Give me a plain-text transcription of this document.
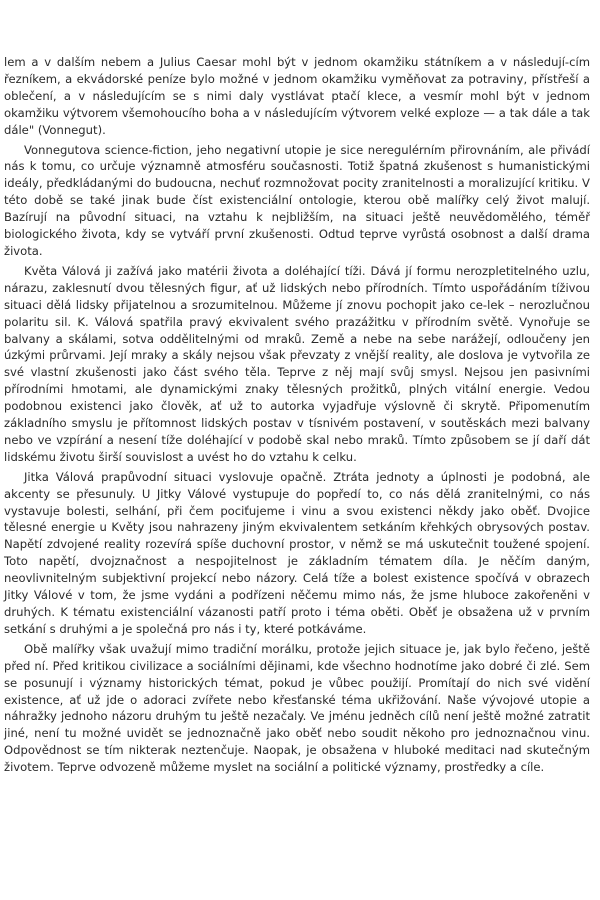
lem a v dalším nebem a Julius Caesar mohl být v jednom okamžiku státníkem a v následují-cím řezníkem, a ekvádorské peníze bylo možné v jednom okamžiku vyměňovat za potraviny, přístřeší a oblečení, a v následujícím se s nimi daly vystlávat ptačí klece, a vesmír mohl být v jednom okamžiku výtvorem všemohoucího boha a v následujícím výtvorem velké exploze — a tak dále a tak dále" (Vonnegut).

Vonnegutova science-fiction, jeho negativní utopie je sice neregulérním přirovnáním, ale přivádí nás k tomu, co určuje významně atmosféru současnosti. Totiž špatná zkušenost s humanistickými ideály, předkládanými do budoucna, nechuť rozmnožovat pocity zranitelnosti a moralizující kritiku. V této době se také jinak bude číst existenciální ontologie, kterou obě malířky celý život malují. Bazírují na původní situaci, na vztahu k nejbližším, na situaci ještě neuvědomělého, téměř biologického života, kdy se vytváří první zkušenosti. Odtud teprve vyrůstá osobnost a další drama života.

Květa Válová ji zažívá jako matérii života a doléhající tíži. Dává jí formu nerozpletitelného uzlu, nárazu, zaklesnutí dvou tělesných figur, ať už lidských nebo přírodních. Tímto uspořádáním tíživou situaci dělá lidsky přijatelnou a srozumitelnou. Můžeme jí znovu pochopit jako ce-lek – nerozlučnou polaritu sil. K. Válová spatřila pravý ekvivalent svého prazážitku v přírodním světě. Vynořuje se balvany a skálami, sotva oddělitelnými od mraků. Země a nebe na sebe narážejí, odloučeny jen úzkými průrvami. Její mraky a skály nejsou však převzaty z vnější reality, ale doslova je vytvořila ze své vlastní zkušenosti jako část svého těla. Teprve z něj mají svůj smysl. Nejsou jen pasivními přírodními hmotami, ale dynamickými znaky tělesných prožitků, plných vitální energie. Vedou podobnou existenci jako člověk, ať už to autorka vyjadřuje výslovně či skrytě. Připomenutím základního smyslu je přítomnost lidských postav v tísnivém postavení, v soutěskách mezi balvany nebo ve vzpírání a nesení tíže doléhající v podobě skal nebo mraků. Tímto způsobem se jí daří dát lidskému životu širší souvislost a uvést ho do vztahu k celku.

Jitka Válová prapůvodní situaci vyslovuje opačně. Ztráta jednoty a úplnosti je podobná, ale akcenty se přesunuly. U Jitky Válové vystupuje do popředí to, co nás dělá zranitelnými, co nás vystavuje bolesti, selhání, při čem pociťujeme i vinu a svou existenci někdy jako oběť. Dvojice tělesné energie u Květy jsou nahrazeny jiným ekvivalentem setkáním křehkých obrysových postav. Napětí zdvojené reality rozevírá spíše duchovní prostor, v němž se má uskutečnit toužené spojení. Toto napětí, dvojznačnost a nespojitelnost je základním tématem díla. Je něčím daným, neovlivnitelným subjektivní projekcí nebo názory. Celá tíže a bolest existence spočívá v obrazech Jitky Válové v tom, že jsme vydáni a podřízeni něčemu mimo nás, že jsme hluboce zakořeněni v druhých. K tématu existenciální vázanosti patří proto i téma oběti. Oběť je obsažena už v prvním setkání s druhými a je společná pro nás i ty, které potkáváme.

Obě malířky však uvažují mimo tradiční morálku, protože jejich situace je, jak bylo řečeno, ještě před ní. Před kritikou civilizace a sociálními dějinami, kde všechno hodnotíme jako dobré či zlé. Sem se posunují i významy historických témat, pokud je vůbec použijí. Promítají do nich své vidění existence, ať už jde o adoraci zvířete nebo křesťanské téma ukřižování. Naše vývojové utopie a náhražky jednoho názoru druhým tu ještě nezačaly. Ve jménu jedněch cílů není ještě možné zatratit jiné, není tu možné uvidět se jednoznačně jako oběť nebo soudit někoho pro jednoznačnou vinu. Odpovědnost se tím nikterak neztenčuje. Naopak, je obsažena v hluboké meditaci nad skutečným životem. Teprve odvozeně můžeme myslet na sociální a politické významy, prostředky a cíle.
